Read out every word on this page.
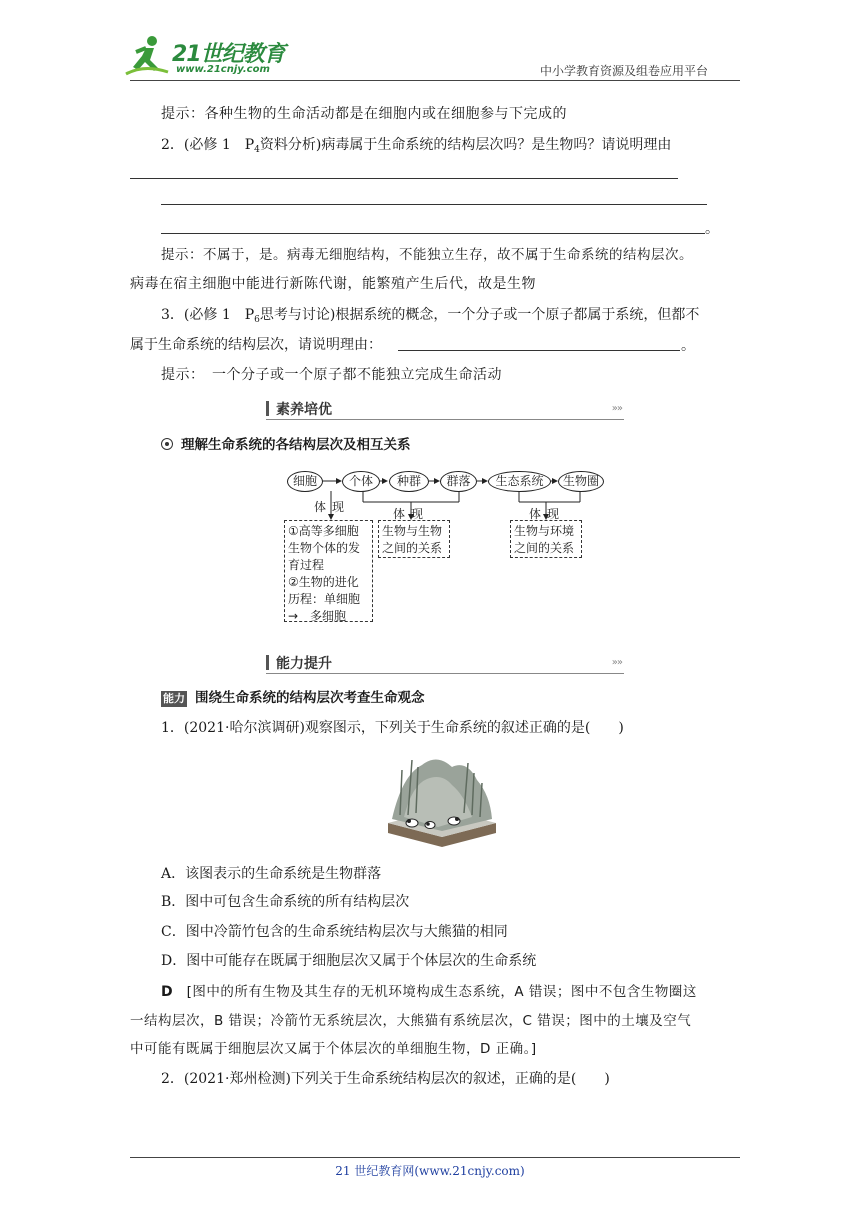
21世纪教育
www.21cnjy.com	中小学教育资源及组卷应用平台
提示：各种生物的生命活动都是在细胞内或在细胞参与下完成的
2．(必修 1　$P_4$资料分析)病毒属于生命系统的结构层次吗？是生物吗？请说明理由
。
提示：不属于，是。病毒无细胞结构，不能独立生存，故不属于生命系统的结构层次。
病毒在宿主细胞中能进行新陈代谢，能繁殖产生后代，故是生物
3．(必修 1　$P_6$思考与讨论)根据系统的概念，一个分子或一个原子都属于系统，但都不
属于生命系统的结构层次，请说明理由：	。
提示：　一个分子或一个原子都不能独立完成生命活动
素养培优	»»
理解生命系统的各结构层次及相互关系
细胞	个体	种群	群落	生态系统	生物圈
体现	体现	体现
①高等多细胞
生物个体的发
育过程
②生物的进化
历程：单细胞
→　多细胞
生物与生物
之间的关系
生物与环境
之间的关系
能力提升	»»
能力 围绕生命系统的结构层次考查生命观念
1．(2021·哈尔滨调研)观察图示，下列关于生命系统的叙述正确的是(　　)
A．该图表示的生命系统是生物群落
B．图中可包含生命系统的所有结构层次
C．图中冷箭竹包含的生命系统结构层次与大熊猫的相同
D．图中可能存在既属于细胞层次又属于个体层次的生命系统
D [图中的所有生物及其生存的无机环境构成生态系统，A 错误；图中不包含生物圈这
一结构层次，B 错误；冷箭竹无系统层次，大熊猫有系统层次，C 错误；图中的土壤及空气
中可能有既属于细胞层次又属于个体层次的单细胞生物，D 正确。]
2．(2021·郑州检测)下列关于生命系统结构层次的叙述，正确的是(　　)
21 世纪教育网(www.21cnjy.com)
